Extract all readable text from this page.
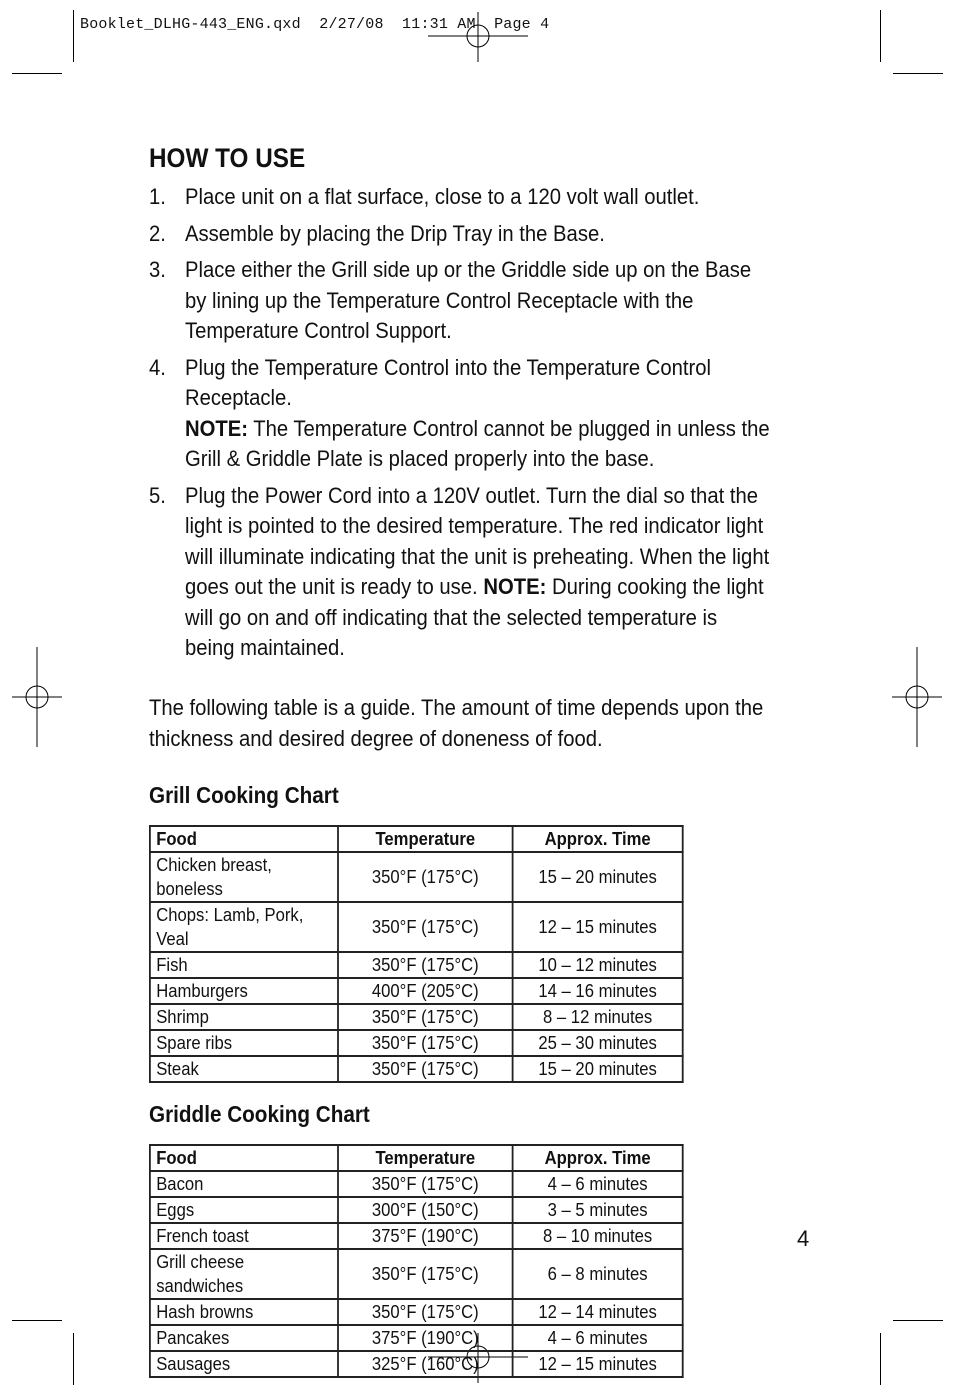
Booklet_DLHG-443_ENG.qxd  2/27/08  11:31 AM  Page 4
HOW TO USE
1. Place unit on a flat surface, close to a 120 volt wall outlet.
2. Assemble by placing the Drip Tray in the Base.
3. Place either the Grill side up or the Griddle side up on the Base by lining up the Temperature Control Receptacle with the Temperature Control Support.
4. Plug the Temperature Control into the Temperature Control Receptacle.
NOTE: The Temperature Control cannot be plugged in unless the Grill & Griddle Plate is placed properly into the base.
5. Plug the Power Cord into a 120V outlet. Turn the dial so that the light is pointed to the desired temperature. The red indicator light will illuminate indicating that the unit is preheating. When the light goes out the unit is ready to use. NOTE: During cooking the light will go on and off indicating that the selected temperature is being maintained.

The following table is a guide. The amount of time depends upon the thickness and desired degree of doneness of food.

Grill Cooking Chart
Food	Temperature	Approx. Time
Chicken breast, boneless	350°F (175°C)	15 – 20 minutes
Chops: Lamb, Pork, Veal	350°F (175°C)	12 – 15 minutes
Fish	350°F (175°C)	10 – 12 minutes
Hamburgers	400°F (205°C)	14 – 16 minutes
Shrimp	350°F (175°C)	8 – 12 minutes
Spare ribs	350°F (175°C)	25 – 30 minutes
Steak	350°F (175°C)	15 – 20 minutes
Griddle Cooking Chart
Food	Temperature	Approx. Time
Bacon	350°F (175°C)	4 – 6 minutes
Eggs	300°F (150°C)	3 – 5 minutes
French toast	375°F (190°C)	8 – 10 minutes
Grill cheese sandwiches	350°F (175°C)	6 – 8 minutes
Hash browns	350°F (175°C)	12 – 14 minutes
Pancakes	375°F (190°C)	4 – 6 minutes
Sausages	325°F (160°C)	12 – 15 minutes
4
